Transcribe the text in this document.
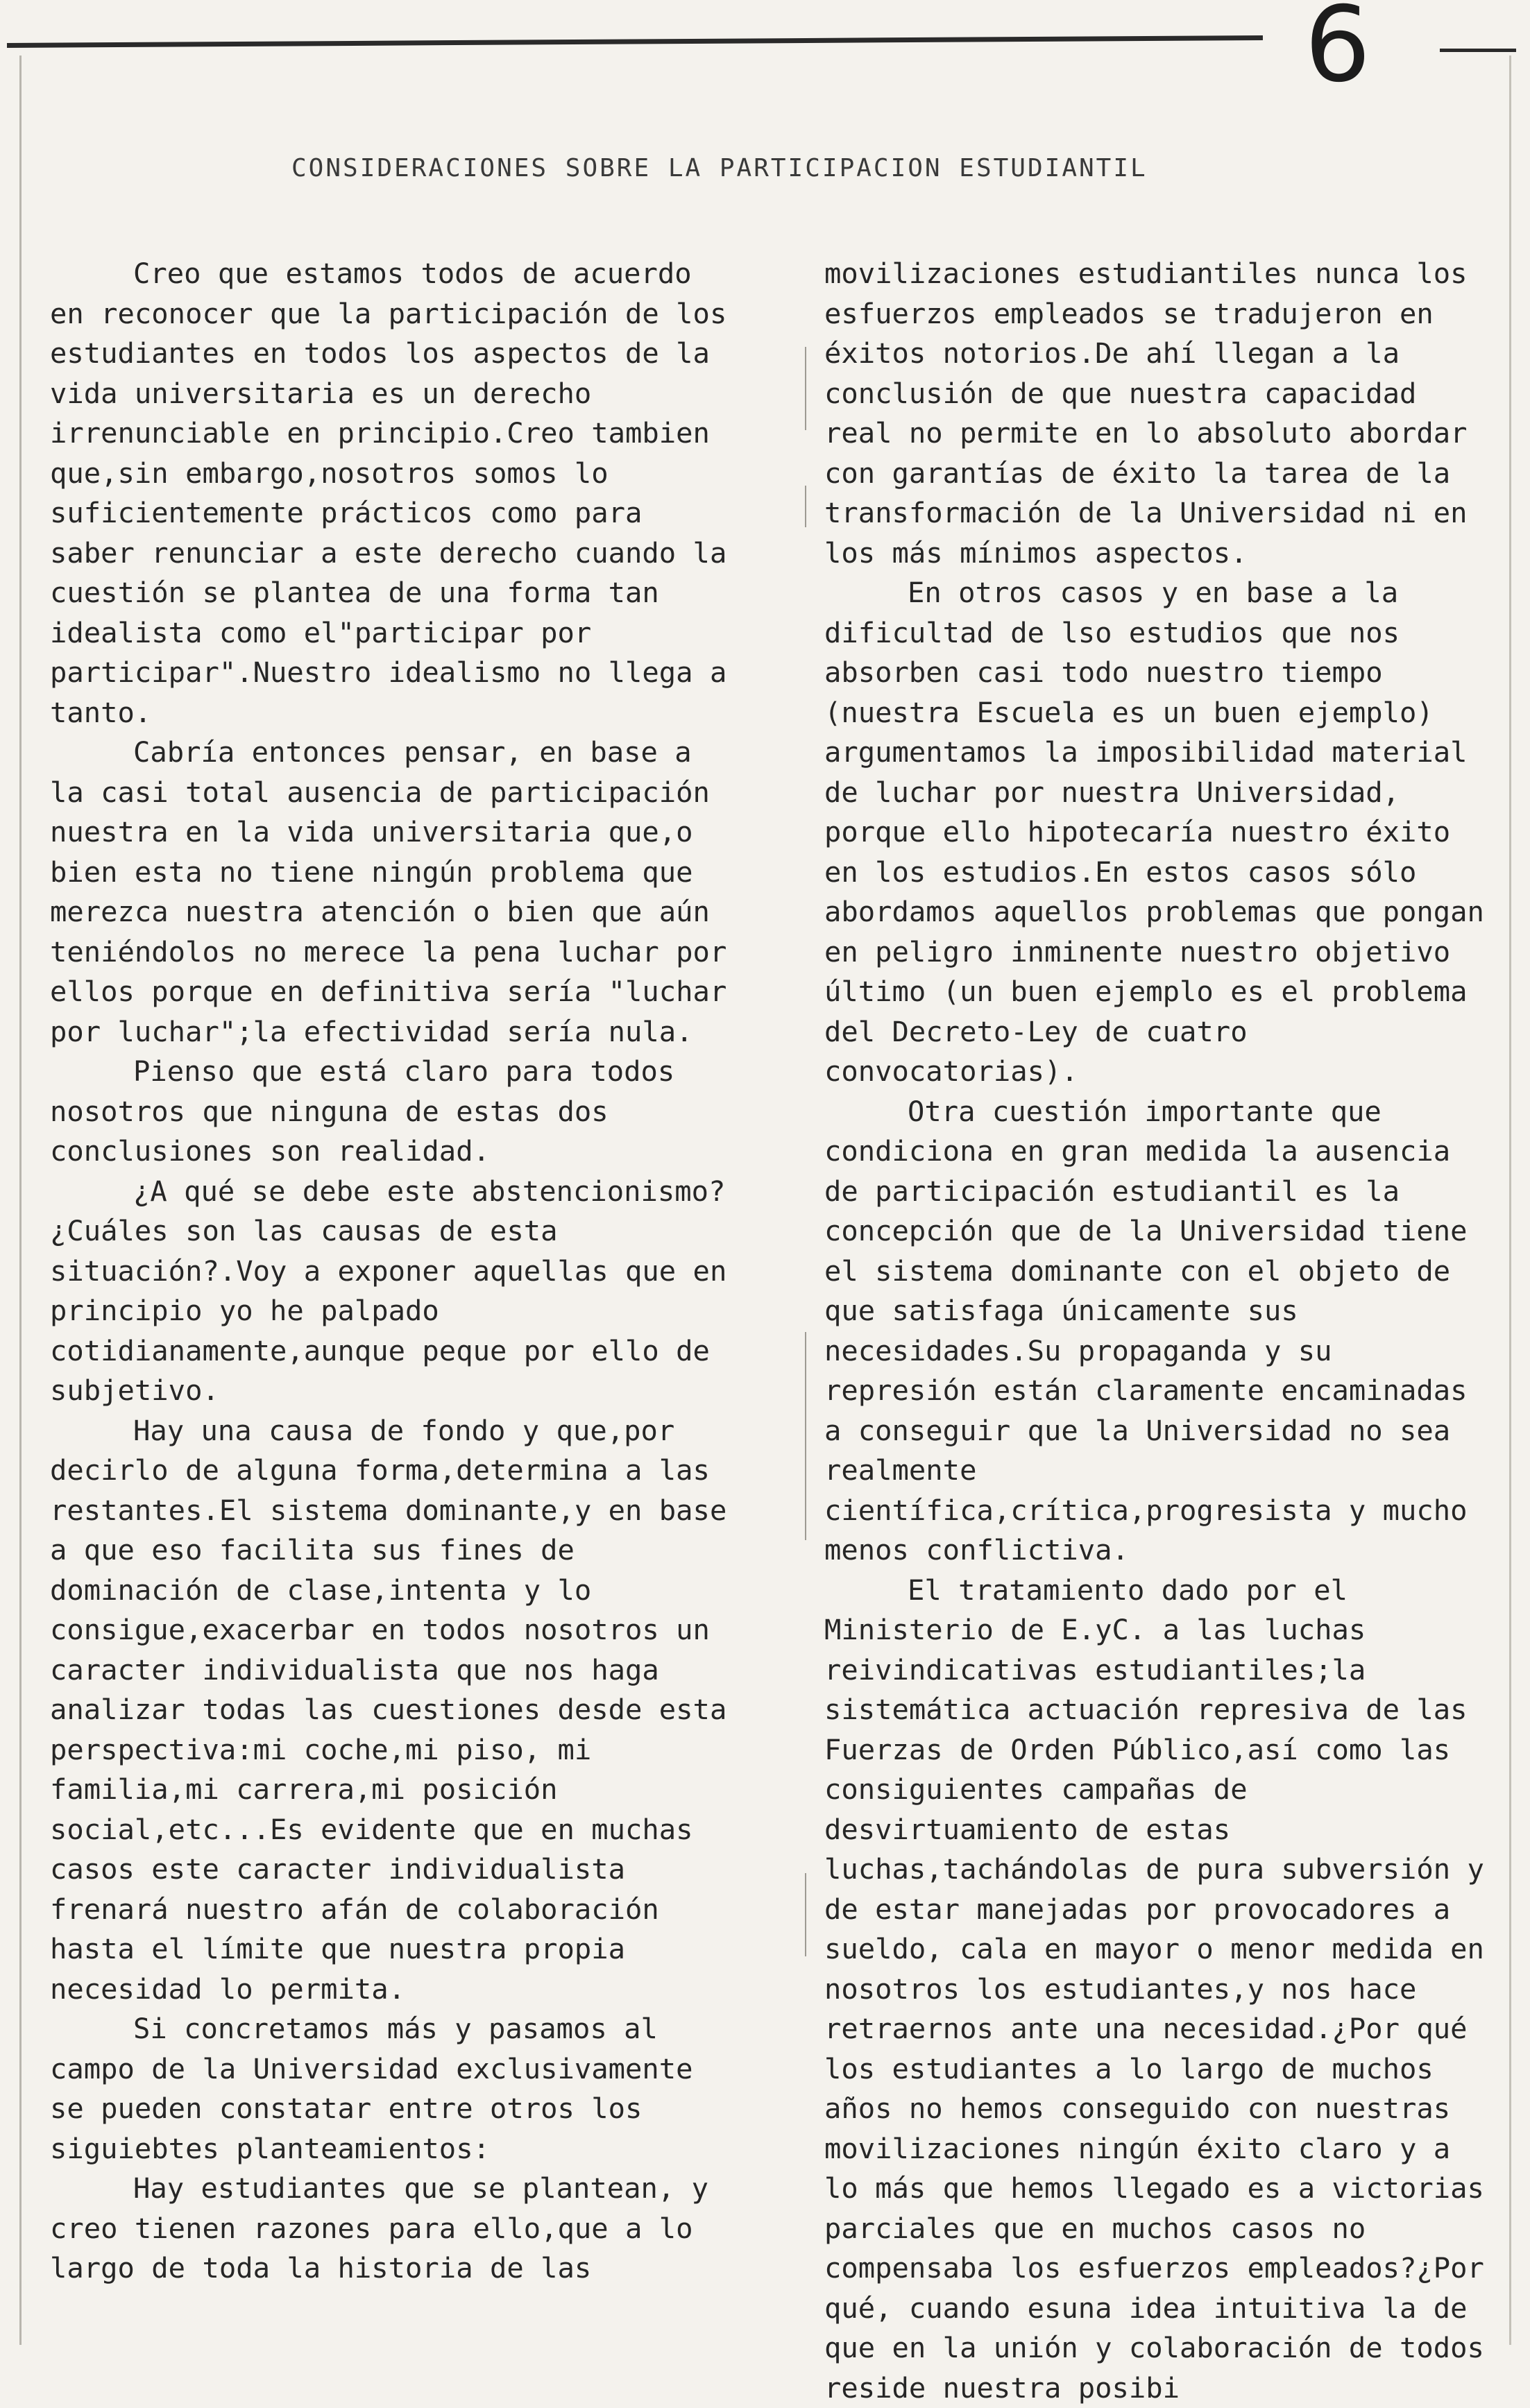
6
CONSIDERACIONES SOBRE LA PARTICIPACION ESTUDIANTIL

Creo que estamos todos de acuerdo en reconocer que la participación de los estudiantes en todos los aspectos de la vida universitaria es un derecho irrenunciable en principio.Creo tambien que,sin embargo,nosotros somos lo suficientemente prácticos como para saber renunciar a este derecho cuando la cuestión se plantea de una forma tan idealista como el"participar por participar".Nuestro idealismo no llega a tanto.

Cabría entonces pensar, en base a la casi total ausencia de participación nuestra en la vida universitaria que,o bien esta no tiene ningún problema que merezca nuestra atención o bien que aún teniéndolos no merece la pena luchar por ellos porque en definitiva sería "luchar por luchar";la efectividad sería nula.

Pienso que está claro para todos nosotros que ninguna de estas dos conclusiones son realidad.

¿A qué se debe este abstencionismo? ¿Cuáles son las causas de esta situación?.Voy a exponer aquellas que en principio yo he palpado cotidianamente,aunque peque por ello de subjetivo.

Hay una causa de fondo y que,por decirlo de alguna forma,determina a las restantes.El sistema dominante,y en base a que eso facilita sus fines de dominación de clase,intenta y lo consigue,exacerbar en todos nosotros un caracter individualista que nos haga analizar todas las cuestiones desde esta perspectiva:mi coche,mi piso, mi familia,mi carrera,mi posición social,etc...Es evidente que en muchas casos este caracter individualista frenará nuestro afán de colaboración hasta el límite que nuestra propia necesidad lo permita.

Si concretamos más y pasamos al campo de la Universidad exclusivamente se pueden constatar entre otros los siguiebtes planteamientos:

Hay estudiantes que se plantean, y creo tienen razones para ello,que a lo largo de toda la historia de las

movilizaciones estudiantiles nunca los esfuerzos empleados se tradujeron en éxitos notorios.De ahí llegan a la conclusión de que nuestra capacidad real no permite en lo absoluto abordar con garantías de éxito la tarea de la transformación de la Universidad ni en los más mínimos aspectos.

En otros casos y en base a la dificultad de lso estudios que nos absorben casi todo nuestro tiempo (nuestra Escuela es un buen ejemplo) argumentamos la imposibilidad material de luchar por nuestra Universidad, porque ello hipotecaría nuestro éxito en los estudios.En estos casos sólo abordamos aquellos problemas que pongan en peligro inminente nuestro objetivo último (un buen ejemplo es el problema del Decreto-Ley de cuatro convocatorias).

Otra cuestión importante que condiciona en gran medida la ausencia de participación estudiantil es la concepción que de la Universidad tiene el sistema dominante con el objeto de que satisfaga únicamente sus necesidades.Su propaganda y su represión están claramente encaminadas a conseguir que la Universidad no sea realmente científica,crítica,progresista y mucho menos conflictiva.

El tratamiento dado por el Ministerio de E.yC. a las luchas reivindicativas estudiantiles;la sistemática actuación represiva de las Fuerzas de Orden Público,así como las consiguientes campañas de desvirtuamiento de estas luchas,tachándolas de pura subversión y de estar manejadas por provocadores a sueldo, cala en mayor o menor medida en nosotros los estudiantes,y nos hace retraernos ante una necesidad.¿Por qué los estudiantes a lo largo de muchos años no hemos conseguido con nuestras movilizaciones ningún éxito claro y a lo más que hemos llegado es a victorias parciales que en muchos casos no compensaba los esfuerzos empleados?¿Por qué, cuando esuna idea intuitiva la de que en la unión y colaboración de todos reside nuestra posibi
